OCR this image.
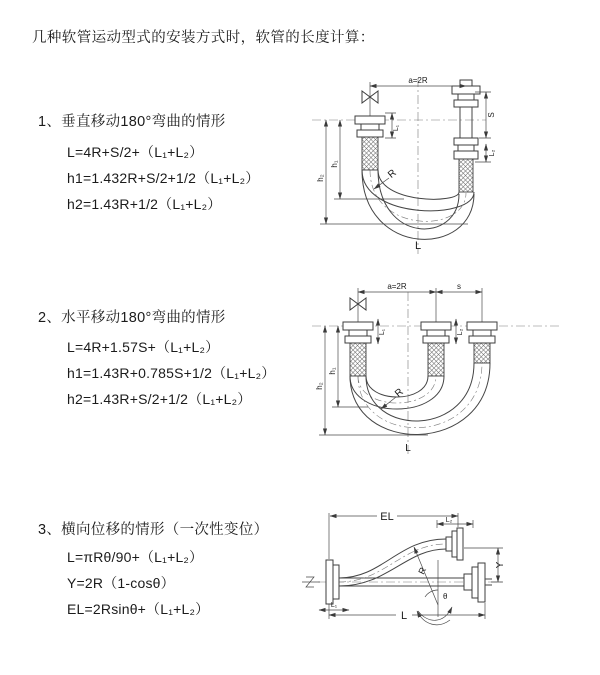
几种软管运动型式的安装方式时，软管的长度计算：
1、垂直移动180°弯曲的情形
L=4R+S/2+（L₁+L₂）
h1=1.432R+S/2+1/2（L₁+L₂）
h2=1.43R+1/2（L₁+L₂）
2、水平移动180°弯曲的情形
L=4R+1.57S+（L₁+L₂）
h1=1.43R+0.785S+1/2（L₁+L₂）
h2=1.43R+S/2+1/2（L₁+L₂）
3、横向位移的情形（一次性变位）
L=πRθ/90+（L₁+L₂）
Y=2R（1-cosθ）
EL=2Rsinθ+（L₁+L₂）
a=2R
L₁
S
L₂
h₁
h₂	R
L
a=2R	s
L₁	L₂
h₁
h₂
R
L
R
θ
EL	L₂
Y
L₁
L
